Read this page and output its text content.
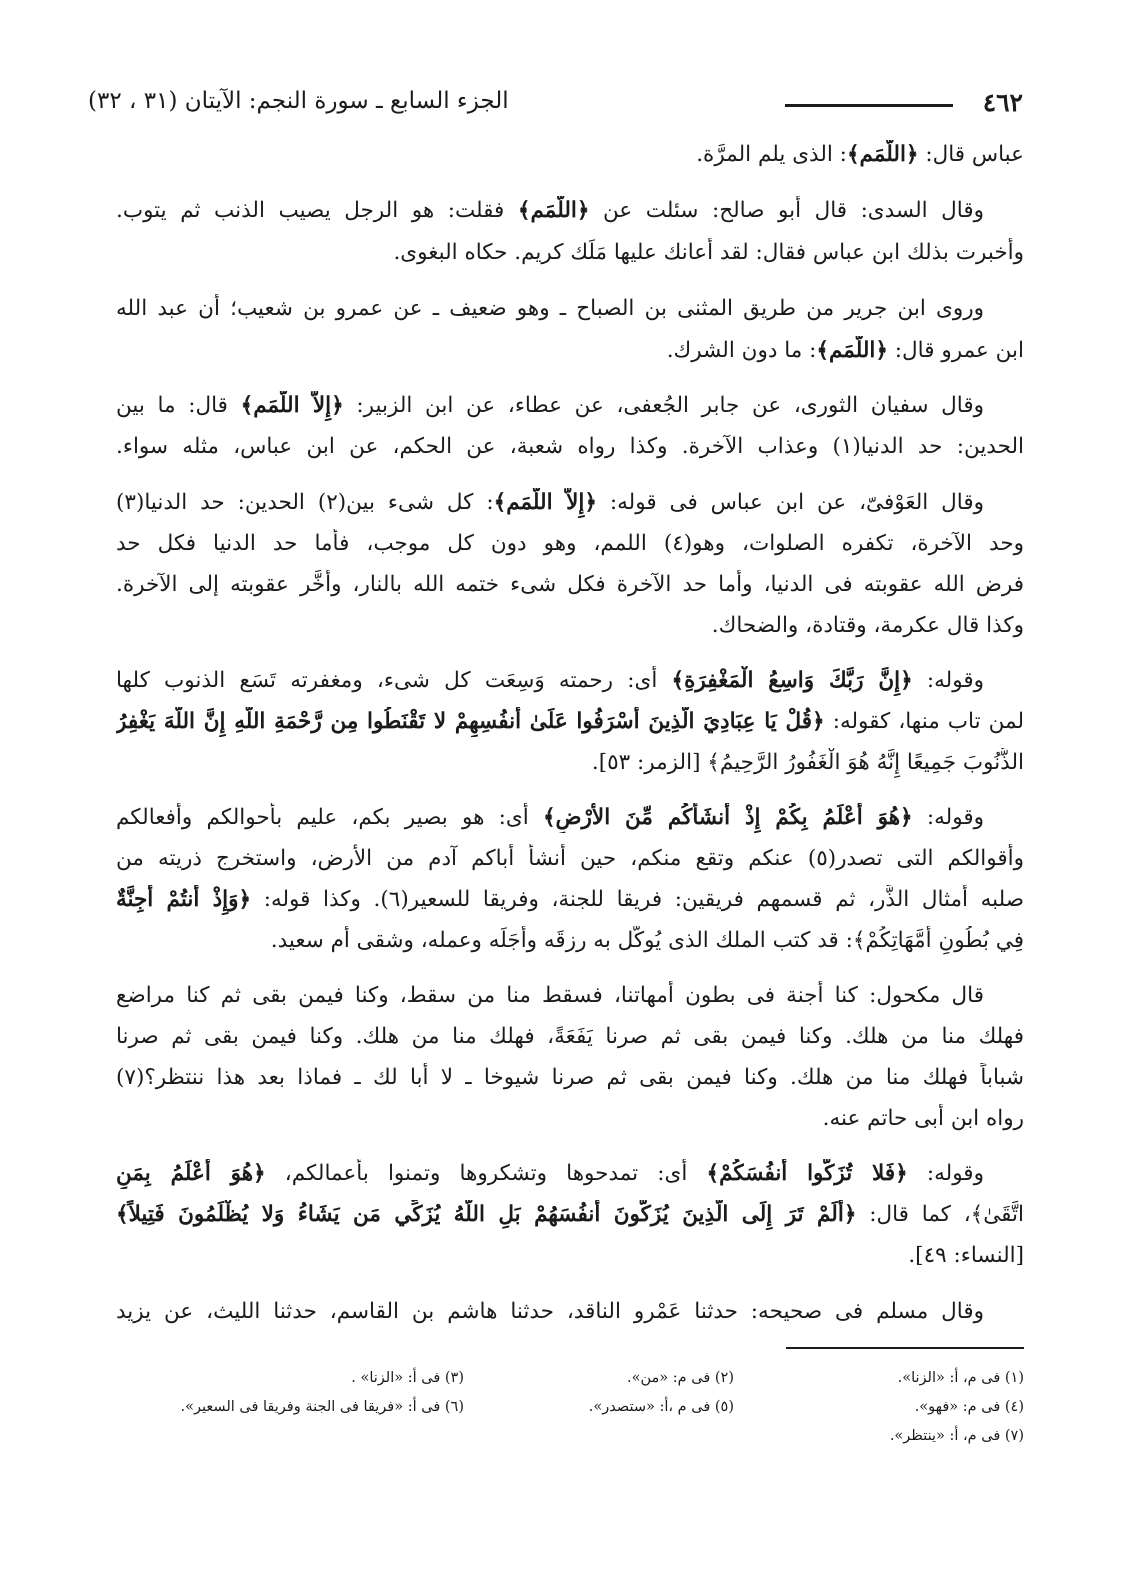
٤٦٢
الجزء السابع ـ سورة النجم: الآيتان (٣١ ، ٣٢)
عباس قال: ﴿اللَّمَم﴾: الذى يلم المرَّة.
وقال السدى: قال أبو صالح: سئلت عن ﴿اللَّمَم﴾ فقلت: هو الرجل يصيب الذنب ثم يتوب.
وأخبرت بذلك ابن عباس فقال: لقد أعانك عليها مَلَك كريم. حكاه البغوى.
وروى ابن جرير من طريق المثنى بن الصباح ـ وهو ضعيف ـ عن عمرو بن شعيب؛ أن عبد الله
ابن عمرو قال: ﴿اللَّمَم﴾: ما دون الشرك.
وقال سفيان الثورى، عن جابر الجُعفى، عن عطاء، عن ابن الزبير: ﴿إِلاَّ اللَّمَم﴾ قال: ما بين
الحدين: حد الدنيا(١) وعذاب الآخرة. وكذا رواه شعبة، عن الحكم، عن ابن عباس، مثله سواء.
وقال العَوْفىّ، عن ابن عباس فى قوله: ﴿إِلاَّ اللَّمَم﴾: كل شىء بين(٢) الحدين: حد الدنيا(٣)
وحد الآخرة، تكفره الصلوات، وهو(٤) اللمم، وهو دون كل موجب، فأما حد الدنيا فكل حد
فرض الله عقوبته فى الدنيا، وأما حد الآخرة فكل شىء ختمه الله بالنار، وأخَّر عقوبته إلى الآخرة.
وكذا قال عكرمة، وقتادة، والضحاك.
وقوله: ﴿إِنَّ رَبَّكَ وَاسِعُ الْمَغْفِرَةِ﴾ أى: رحمته وَسِعَت كل شىء، ومغفرته تَسَع الذنوب كلها
لمن تاب منها، كقوله: ﴿قُلْ يَا عِبَادِيَ الَّذِينَ أَسْرَفُوا عَلَىٰ أَنفُسِهِمْ لا تَقْنَطُوا مِن رَّحْمَةِ اللَّهِ إِنَّ اللَّهَ يَغْفِرُ
الذُّنُوبَ جَمِيعًا إِنَّهُ هُوَ الْغَفُورُ الرَّحِيمُ﴾ [الزمر: ٥٣].
وقوله: ﴿هُوَ أَعْلَمُ بِكُمْ إِذْ أَنشَأَكُم مِّنَ الأَرْضِ﴾ أى: هو بصير بكم، عليم بأحوالكم وأفعالكم
وأقوالكم التى تصدر(٥) عنكم وتقع منكم، حين أنشأ أباكم آدم من الأرض، واستخرج ذريته من
صلبه أمثال الذَّر، ثم قسمهم فريقين: فريقا للجنة، وفريقا للسعير(٦). وكذا قوله: ﴿وَإِذْ أَنتُمْ أَجِنَّةٌ
فِي بُطُونِ أُمَّهَاتِكُمْ﴾: قد كتب الملك الذى يُوكَّل به رزقَه وأجَلَه وعمله، وشقى أم سعيد.
قال مكحول: كنا أجنة فى بطون أمهاتنا، فسقط منا من سقط، وكنا فيمن بقى ثم كنا مراضع
فهلك منا من هلك. وكنا فيمن بقى ثم صرنا يَفَعَةً، فهلك منا من هلك. وكنا فيمن بقى ثم صرنا
شباباً فهلك منا من هلك. وكنا فيمن بقى ثم صرنا شيوخا ـ لا أبا لك ـ فماذا بعد هذا ننتظر؟(٧)
رواه ابن أبى حاتم عنه.
وقوله: ﴿فَلا تُزَكُّوا أَنفُسَكُمْ﴾ أى: تمدحوها وتشكروها وتمنوا بأعمالكم، ﴿هُوَ أَعْلَمُ بِمَنِ
اتَّقَىٰ﴾، كما قال: ﴿أَلَمْ تَرَ إِلَى الَّذِينَ يُزَكُّونَ أَنفُسَهُمْ بَلِ اللَّهُ يُزَكِّي مَن يَشَاءُ وَلا يُظْلَمُونَ فَتِيلاً﴾
[النساء: ٤٩].
وقال مسلم فى صحيحه: حدثنا عَمْرو الناقد، حدثنا هاشم بن القاسم، حدثنا الليث، عن يزيد
(١) فى م، أ: «الزنا».
(٢) فى م: «من».
(٣) فى أ: «الزنا» .
(٤) فى م: «فهو».
(٥) فى م ،أ: «ستصدر».
(٦) فى أ: «فريقا فى الجنة وفريقا فى السعير».
(٧) فى م، أ: «ينتظر».
